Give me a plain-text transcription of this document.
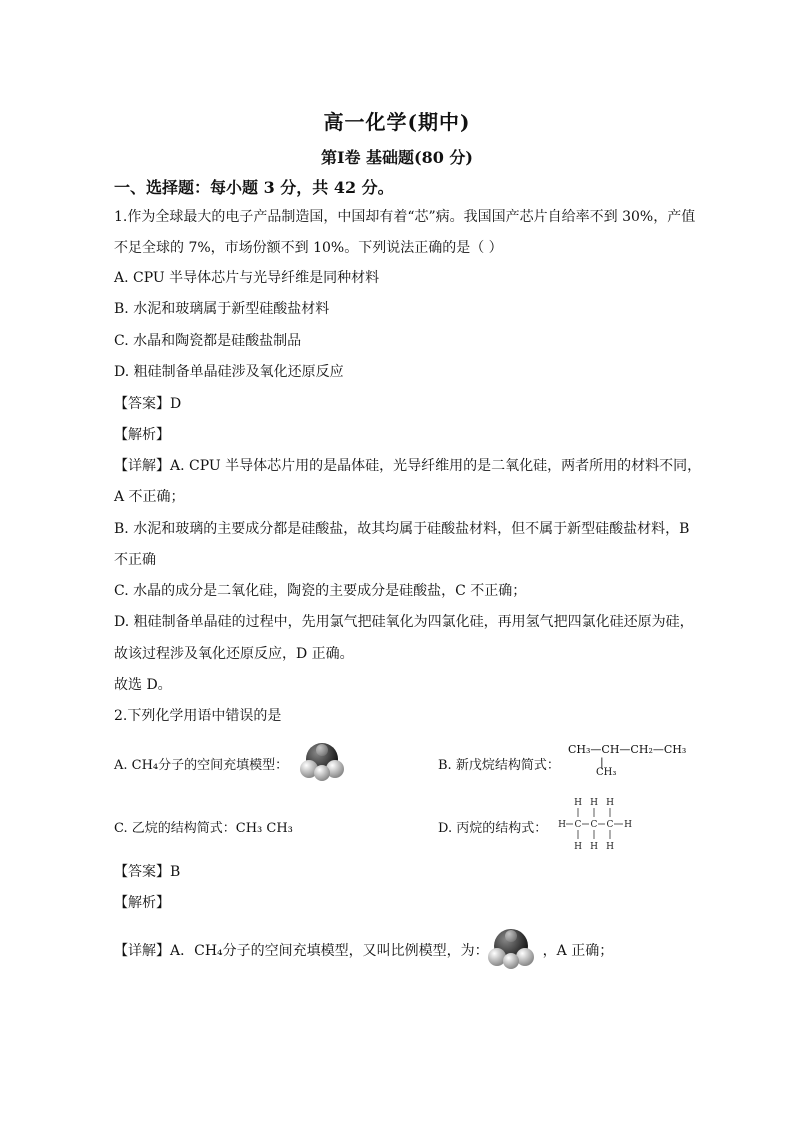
高一化学(期中)
第Ⅰ卷 基础题(80 分)
一、选择题：每小题 3 分，共 42 分。
1.作为全球最大的电子产品制造国，中国却有着“芯”病。我国国产芯片自给率不到 30%，产值
不足全球的 7%，市场份额不到 10%。下列说法正确的是（ ）
A. CPU 半导体芯片与光导纤维是同种材料
B. 水泥和玻璃属于新型硅酸盐材料
C. 水晶和陶瓷都是硅酸盐制品
D. 粗硅制备单晶硅涉及氧化还原反应
【答案】D
【解析】
【详解】A. CPU 半导体芯片用的是晶体硅，光导纤维用的是二氧化硅，两者所用的材料不同，
A 不正确；
B. 水泥和玻璃的主要成分都是硅酸盐，故其均属于硅酸盐材料，但不属于新型硅酸盐材料，B
不正确
C. 水晶的成分是二氧化硅，陶瓷的主要成分是硅酸盐，C 不正确；
D. 粗硅制备单晶硅的过程中，先用氯气把硅氧化为四氯化硅，再用氢气把四氯化硅还原为硅，
故该过程涉及氧化还原反应，D 正确。
故选 D。
2.下列化学用语中错误的是
A. CH₄分子的空间充填模型：	B. 新戊烷结构简式：
CH₃—CH—CH₂—CH₃
|
CH₃
C. 乙烷的结构简式：CH₃ CH₃	D. 丙烷的结构式：
H H H
H C C C H
H H H
【答案】B
【解析】
【详解】A．CH₄分子的空间充填模型，又叫比例模型，为：	，A 正确；
